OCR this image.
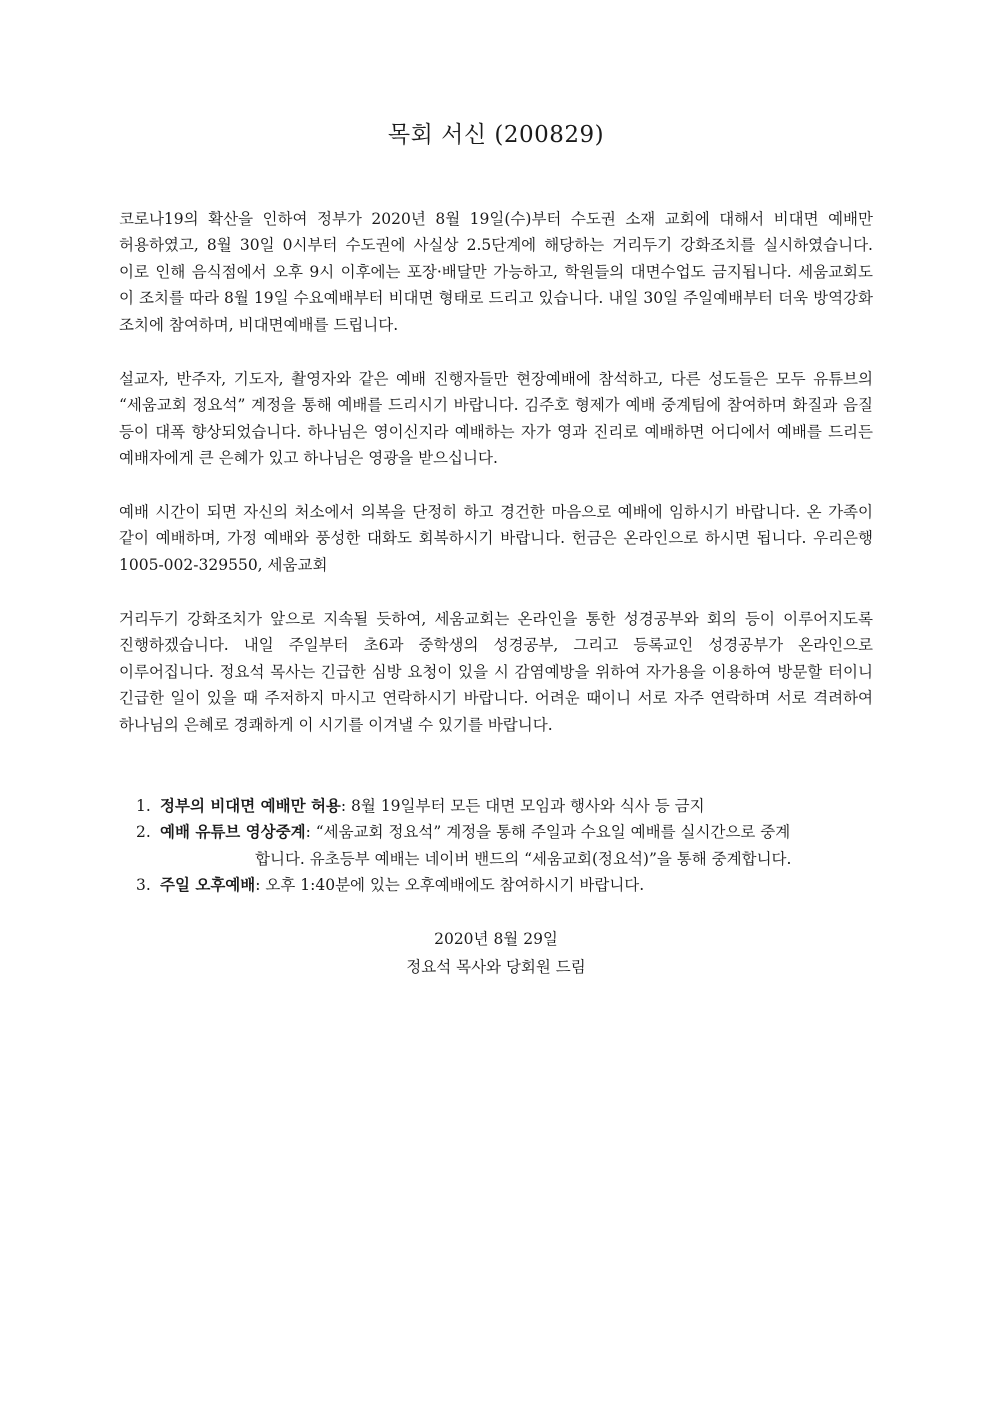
목회 서신 (200829)
코로나19의 확산을 인하여 정부가 2020년 8월 19일(수)부터 수도권 소재 교회에 대해서 비대면 예배만 허용하였고, 8월 30일 0시부터 수도권에 사실상 2.5단계에 해당하는 거리두기 강화조치를 실시하였습니다. 이로 인해 음식점에서 오후 9시 이후에는 포장·배달만 가능하고, 학원들의 대면수업도 금지됩니다. 세움교회도 이 조치를 따라 8월 19일 수요예배부터 비대면 형태로 드리고 있습니다. 내일 30일 주일예배부터 더욱 방역강화 조치에 참여하며, 비대면예배를 드립니다.
설교자, 반주자, 기도자, 촬영자와 같은 예배 진행자들만 현장예배에 참석하고, 다른 성도들은 모두 유튜브의 “세움교회 정요석” 계정을 통해 예배를 드리시기 바랍니다. 김주호 형제가 예배 중계팀에 참여하며 화질과 음질 등이 대폭 향상되었습니다. 하나님은 영이신지라 예배하는 자가 영과 진리로 예배하면 어디에서 예배를 드리든 예배자에게 큰 은혜가 있고 하나님은 영광을 받으십니다.
예배 시간이 되면 자신의 처소에서 의복을 단정히 하고 경건한 마음으로 예배에 임하시기 바랍니다. 온 가족이 같이 예배하며, 가정 예배와 풍성한 대화도 회복하시기 바랍니다. 헌금은 온라인으로 하시면 됩니다. 우리은행 1005-002-329550, 세움교회
거리두기 강화조치가 앞으로 지속될 듯하여, 세움교회는 온라인을 통한 성경공부와 회의 등이 이루어지도록 진행하겠습니다. 내일 주일부터 초6과 중학생의 성경공부, 그리고 등록교인 성경공부가 온라인으로 이루어집니다. 정요석 목사는 긴급한 심방 요청이 있을 시 감염예방을 위하여 자가용을 이용하여 방문할 터이니 긴급한 일이 있을 때 주저하지 마시고 연락하시기 바랍니다. 어려운 때이니 서로 자주 연락하며 서로 격려하여 하나님의 은혜로 경쾌하게 이 시기를 이겨낼 수 있기를 바랍니다.
1. 정부의 비대면 예배만 허용: 8월 19일부터 모든 대면 모임과 행사와 식사 등 금지
2. 예배 유튜브 영상중계: “세움교회 정요석” 계정을 통해 주일과 수요일 예배를 실시간으로 중계
합니다. 유초등부 예배는 네이버 밴드의 “세움교회(정요석)”을 통해 중계합니다.
3. 주일 오후예배: 오후 1:40분에 있는 오후예배에도 참여하시기 바랍니다.
2020년 8월 29일
정요석 목사와 당회원 드림
